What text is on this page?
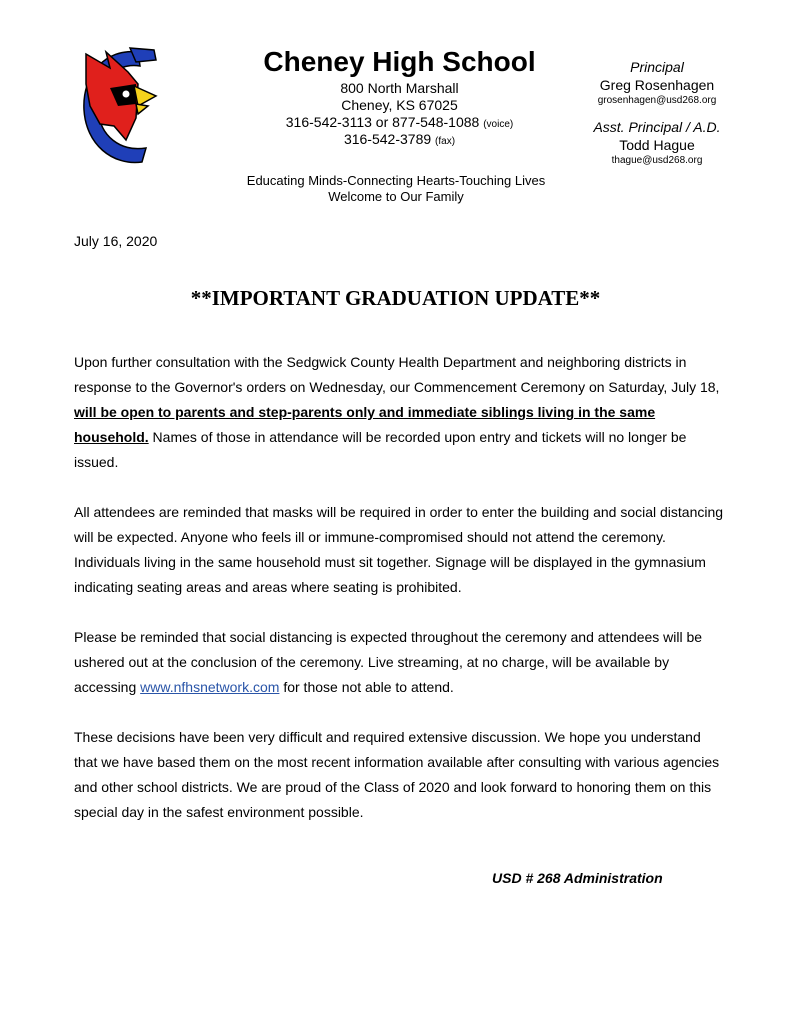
Cheney High School
800 North Marshall
Cheney, KS 67025
316-542-3113 or 877-548-1088 (voice)
316-542-3789 (fax)
Principal
Greg Rosenhagen
grosenhagen@usd268.org
Asst. Principal / A.D.
Todd Hague
thague@usd268.org
Educating Minds-Connecting Hearts-Touching Lives
Welcome to Our Family
July 16, 2020
**IMPORTANT GRADUATION UPDATE**

Upon further consultation with the Sedgwick County Health Department and neighboring districts in response to the Governor's orders on Wednesday, our Commencement Ceremony on Saturday, July 18, will be open to parents and step-parents only and immediate siblings living in the same household. Names of those in attendance will be recorded upon entry and tickets will no longer be issued.

All attendees are reminded that masks will be required in order to enter the building and social distancing will be expected. Anyone who feels ill or immune-compromised should not attend the ceremony. Individuals living in the same household must sit together. Signage will be displayed in the gymnasium indicating seating areas and areas where seating is prohibited.

Please be reminded that social distancing is expected throughout the ceremony and attendees will be ushered out at the conclusion of the ceremony. Live streaming, at no charge, will be available by accessing www.nfhsnetwork.com for those not able to attend.

These decisions have been very difficult and required extensive discussion. We hope you understand that we have based them on the most recent information available after consulting with various agencies and other school districts. We are proud of the Class of 2020 and look forward to honoring them on this special day in the safest environment possible.

USD # 268 Administration
